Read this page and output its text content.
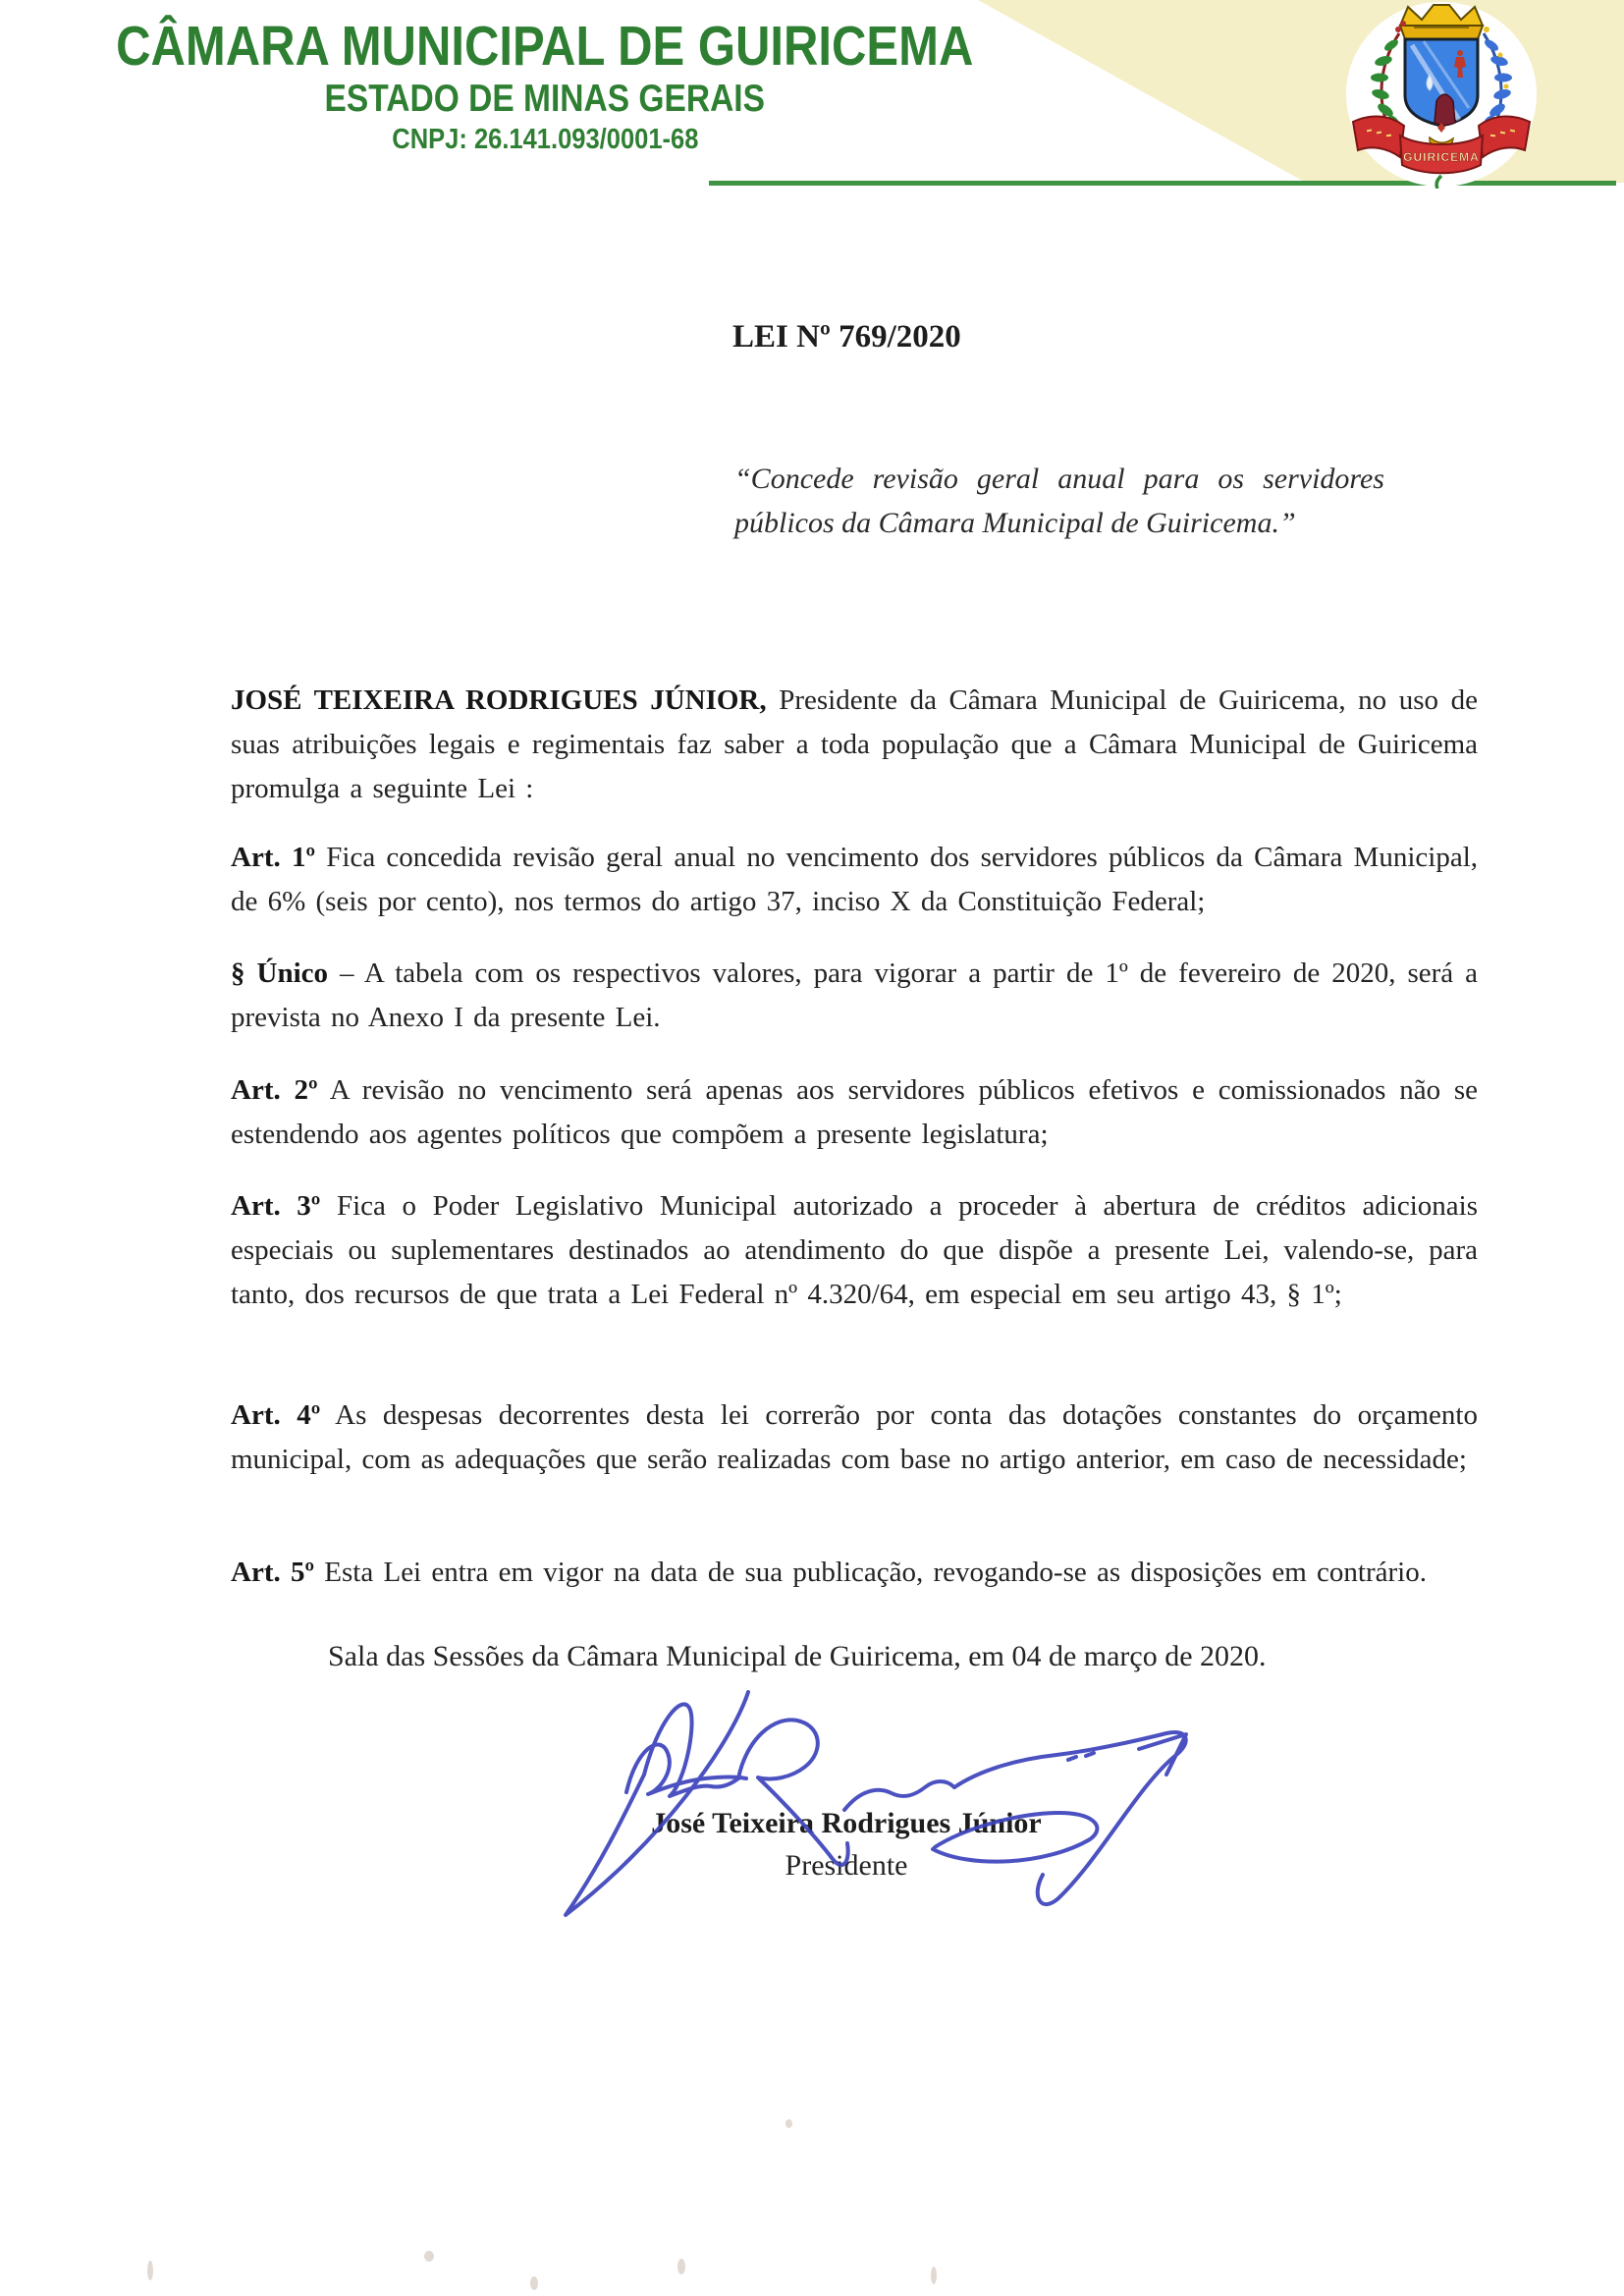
CÂMARA MUNICIPAL DE GUIRICEMA
ESTADO DE MINAS GERAIS
CNPJ: 26.141.093/0001-68
GUIRICEMA
LEI Nº 769/2020
“Concede revisão geral anual para os servidores públicos da Câmara Municipal de Guiricema.”

JOSÉ TEIXEIRA RODRIGUES JÚNIOR, Presidente da Câmara Municipal de Guiricema, no uso de suas atribuições legais e regimentais faz saber a toda população que a Câmara Municipal de Guiricema promulga a seguinte Lei :

Art. 1º Fica concedida revisão geral anual no vencimento dos servidores públicos da Câmara Municipal, de 6% (seis por cento), nos termos do artigo 37, inciso X da Constituição Federal;

§ Único – A tabela com os respectivos valores, para vigorar a partir de 1º de fevereiro de 2020, será a prevista no Anexo I da presente Lei.

Art. 2º A revisão no vencimento será apenas aos servidores públicos efetivos e comissionados não se estendendo aos agentes políticos que compõem a presente legislatura;

Art. 3º Fica o Poder Legislativo Municipal autorizado a proceder à abertura de créditos adicionais especiais ou suplementares destinados ao atendimento do que dispõe a presente Lei, valendo-se, para tanto, dos recursos de que trata a Lei Federal nº 4.320/64, em especial em seu artigo 43, § 1º;

Art. 4º As despesas decorrentes desta lei correrão por conta das dotações constantes do orçamento municipal, com as adequações que serão realizadas com base no artigo anterior, em caso de necessidade;

Art. 5º Esta Lei entra em vigor na data de sua publicação, revogando-se as disposições em contrário.

Sala das Sessões da Câmara Municipal de Guiricema, em 04 de março de 2020.
José Teixeira Rodrigues Júnior
Presidente
